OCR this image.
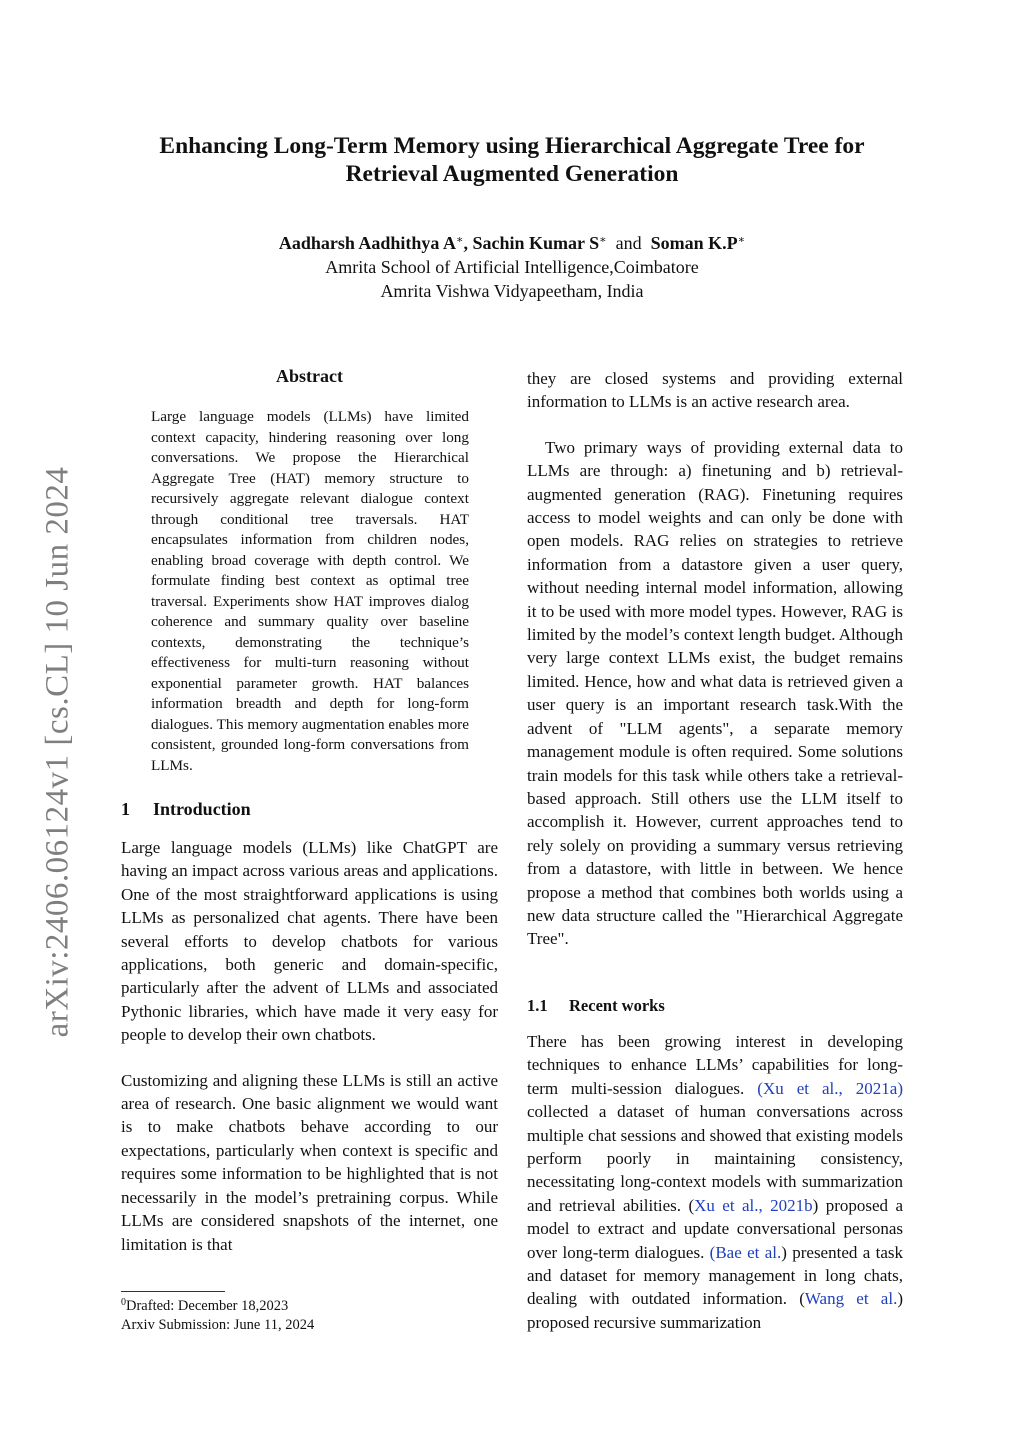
arXiv:2406.06124v1 [cs.CL] 10 Jun 2024
Enhancing Long-Term Memory using Hierarchical Aggregate Tree for
Retrieval Augmented Generation
Aadharsh Aadhithya A∗, Sachin Kumar S∗ and Soman K.P∗
Amrita School of Artificial Intelligence,Coimbatore
Amrita Vishwa Vidyapeetham, India
Abstract
Large language models (LLMs) have limited context capacity, hindering reasoning over long conversations. We propose the Hierarchical Aggregate Tree (HAT) memory structure to recursively aggregate relevant dialogue context through conditional tree traversals. HAT encapsulates information from children nodes, enabling broad coverage with depth control. We formulate finding best context as optimal tree traversal. Experiments show HAT improves dialog coherence and summary quality over baseline contexts, demonstrating the technique’s effectiveness for multi-turn reasoning without exponential parameter growth. HAT balances information breadth and depth for long-form dialogues. This memory augmentation enables more consistent, grounded long-form conversations from LLMs.
1 Introduction

Large language models (LLMs) like ChatGPT are having an impact across various areas and applications. One of the most straightforward applications is using LLMs as personalized chat agents. There have been several efforts to develop chatbots for various applications, both generic and domain-specific, particularly after the advent of LLMs and associated Pythonic libraries, which have made it very easy for people to develop their own chatbots.

Customizing and aligning these LLMs is still an active area of research. One basic alignment we would want is to make chatbots behave according to our expectations, particularly when context is specific and requires some information to be highlighted that is not necessarily in the model’s pretraining corpus. While LLMs are considered snapshots of the internet, one limitation is that

they are closed systems and providing external information to LLMs is an active research area.

Two primary ways of providing external data to LLMs are through: a) finetuning and b) retrieval-augmented generation (RAG). Finetuning requires access to model weights and can only be done with open models. RAG relies on strategies to retrieve information from a datastore given a user query, without needing internal model information, allowing it to be used with more model types. However, RAG is limited by the model’s context length budget. Although very large context LLMs exist, the budget remains limited. Hence, how and what data is retrieved given a user query is an important research task.With the advent of "LLM agents", a separate memory management module is often required. Some solutions train models for this task while others take a retrieval-based approach. Still others use the LLM itself to accomplish it. However, current approaches tend to rely solely on providing a summary versus retrieving from a datastore, with little in between. We hence propose a method that combines both worlds using a new data structure called the "Hierarchical Aggregate Tree".

1.1 Recent works

There has been growing interest in developing techniques to enhance LLMs’ capabilities for long-term multi-session dialogues. (Xu et al., 2021a) collected a dataset of human conversations across multiple chat sessions and showed that existing models perform poorly in maintaining consistency, necessitating long-context models with summarization and retrieval abilities. (Xu et al., 2021b) proposed a model to extract and update conversational personas over long-term dialogues. (Bae et al.) presented a task and dataset for memory management in long chats, dealing with outdated information. (Wang et al.) proposed recursive summarization

$^0$Drafted: December 18,2023
Arxiv Submission: June 11, 2024
